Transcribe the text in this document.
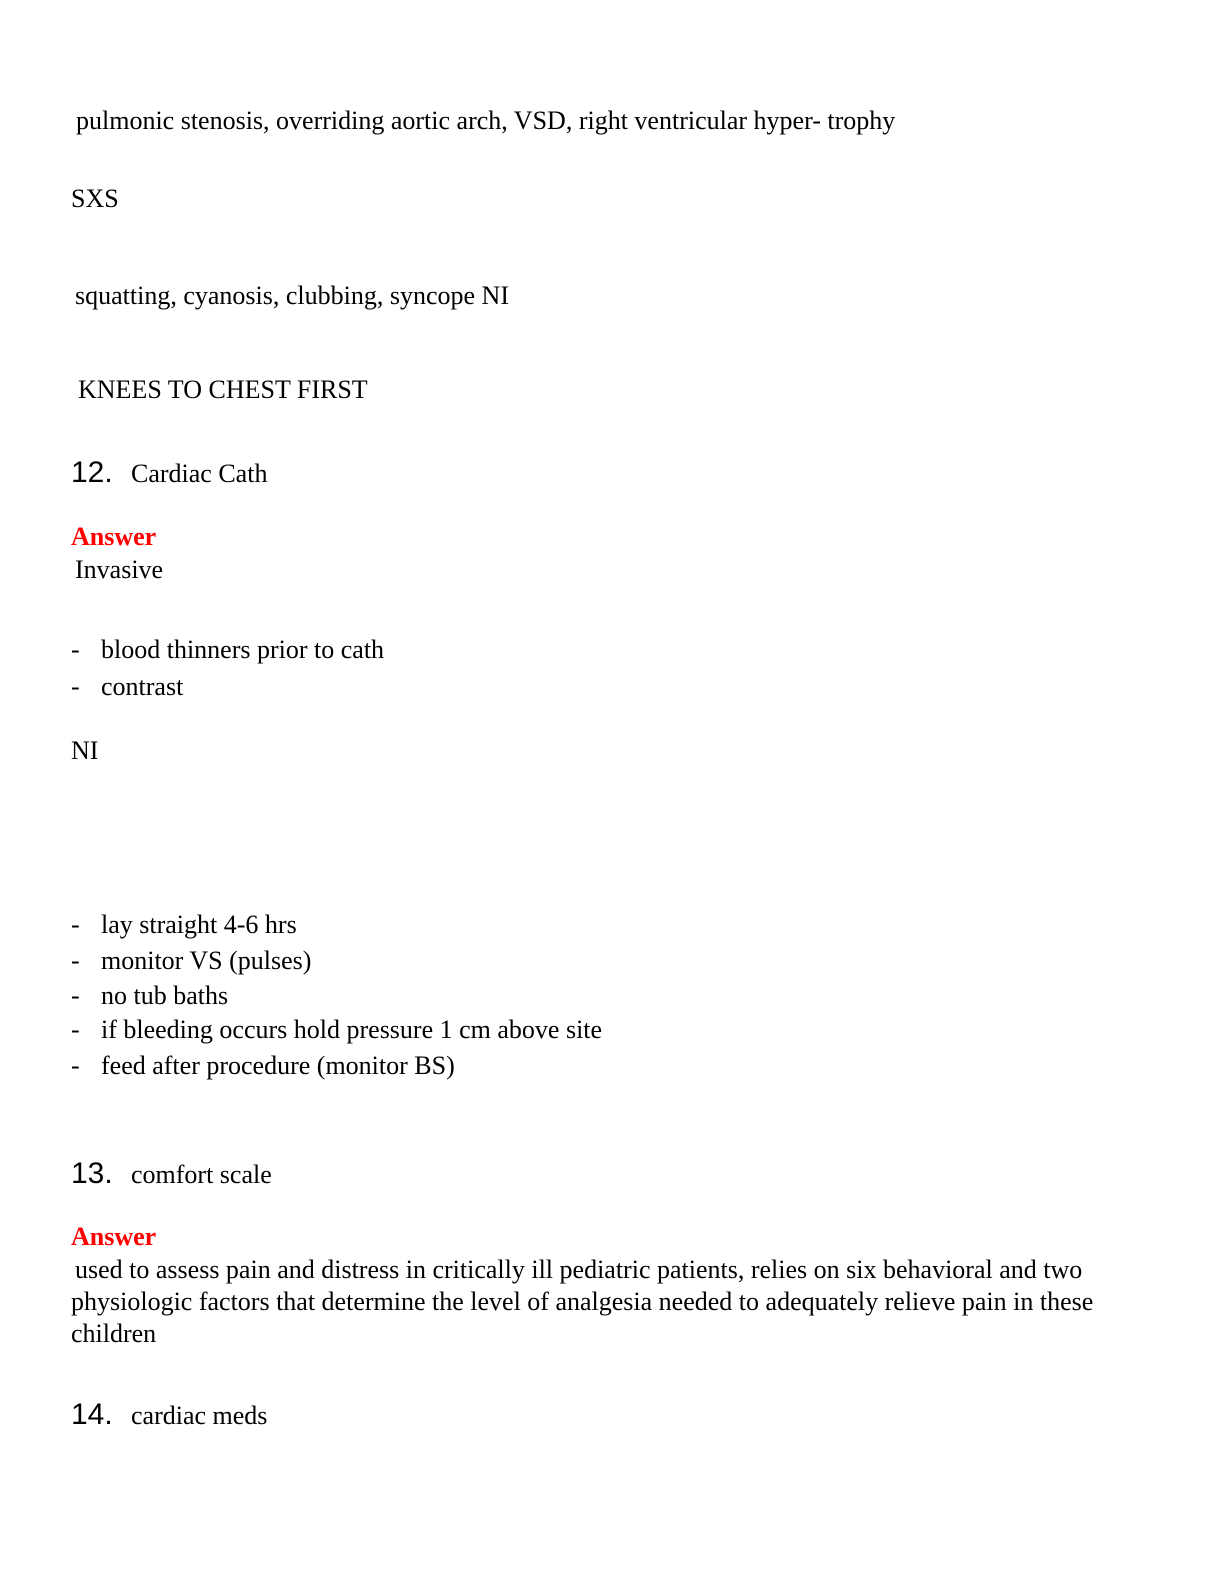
pulmonic stenosis, overriding aortic arch, VSD, right ventricular hyper- trophy
SXS
squatting, cyanosis, clubbing, syncope NI
KNEES TO CHEST FIRST
12. Cardiac Cath
Answer
Invasive
- blood thinners prior to cath
- contrast
NI
- lay straight 4-6 hrs
- monitor VS (pulses)
- no tub baths
- if bleeding occurs hold pressure 1 cm above site
- feed after procedure (monitor BS)
13. comfort scale
Answer
used to assess pain and distress in critically ill pediatric patients, relies on six behavioral and two physiologic factors that determine the level of analgesia needed to adequately relieve pain in these children
14. cardiac meds
